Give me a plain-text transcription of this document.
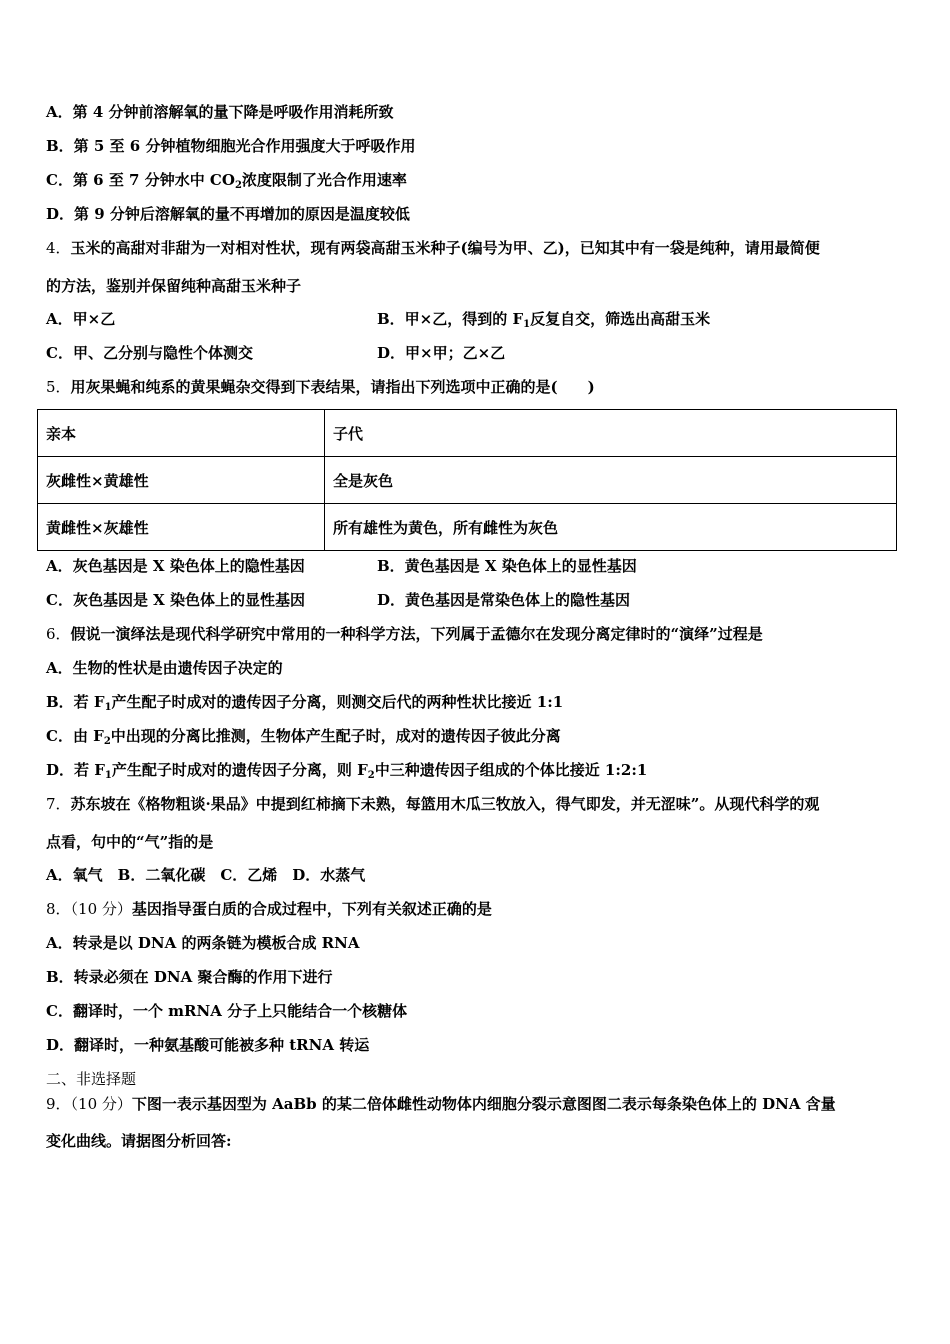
A．第 4 分钟前溶解氧的量下降是呼吸作用消耗所致
B．第 5 至 6 分钟植物细胞光合作用强度大于呼吸作用
C．第 6 至 7 分钟水中 $CO_2$浓度限制了光合作用速率
D．第 9 分钟后溶解氧的量不再增加的原因是温度较低
4．玉米的高甜对非甜为一对相对性状，现有两袋高甜玉米种子(编号为甲、乙)，已知其中有一袋是纯种，请用最简便
的方法，鉴别并保留纯种高甜玉米种子
A．甲×乙	B．甲×乙，得到的 $F_1$反复自交，筛选出高甜玉米
C．甲、乙分别与隐性个体测交	D．甲×甲；乙×乙
5．用灰果蝇和纯系的黄果蝇杂交得到下表结果，请指出下列选项中正确的是(　　)
亲本	子代
灰雌性×黄雄性	全是灰色
黄雌性×灰雄性	所有雄性为黄色，所有雌性为灰色
A．灰色基因是 X 染色体上的隐性基因	B．黄色基因是 X 染色体上的显性基因
C．灰色基因是 X 染色体上的显性基因	D．黄色基因是常染色体上的隐性基因
6．假说一演绎法是现代科学研究中常用的一种科学方法，下列属于孟德尔在发现分离定律时的“演绎”过程是
A．生物的性状是由遗传因子决定的
B．若 $F_1$产生配子时成对的遗传因子分离，则测交后代的两种性状比接近 1:1
C．由 $F_2$中出现的分离比推测，生物体产生配子时，成对的遗传因子彼此分离
D．若 $F_1$产生配子时成对的遗传因子分离，则 $F_2$中三种遗传因子组成的个体比接近 1:2:1
7．苏东坡在《格物粗谈·果品》中提到红柿摘下未熟，每篮用木瓜三牧放入，得气即发，并无涩味”。从现代科学的观
点看，句中的“气”指的是
A．氧气　B．二氧化碳　C．乙烯　D．水蒸气
8．（10 分）基因指导蛋白质的合成过程中，下列有关叙述正确的是
A．转录是以 DNA 的两条链为模板合成 RNA
B．转录必须在 DNA 聚合酶的作用下进行
C．翻译时，一个 mRNA 分子上只能结合一个核糖体
D．翻译时，一种氨基酸可能被多种 tRNA 转运
二、非选择题
9．（10 分）下图一表示基因型为 AaBb 的某二倍体雌性动物体内细胞分裂示意图图二表示每条染色体上的 DNA 含量
变化曲线。请据图分析回答:
